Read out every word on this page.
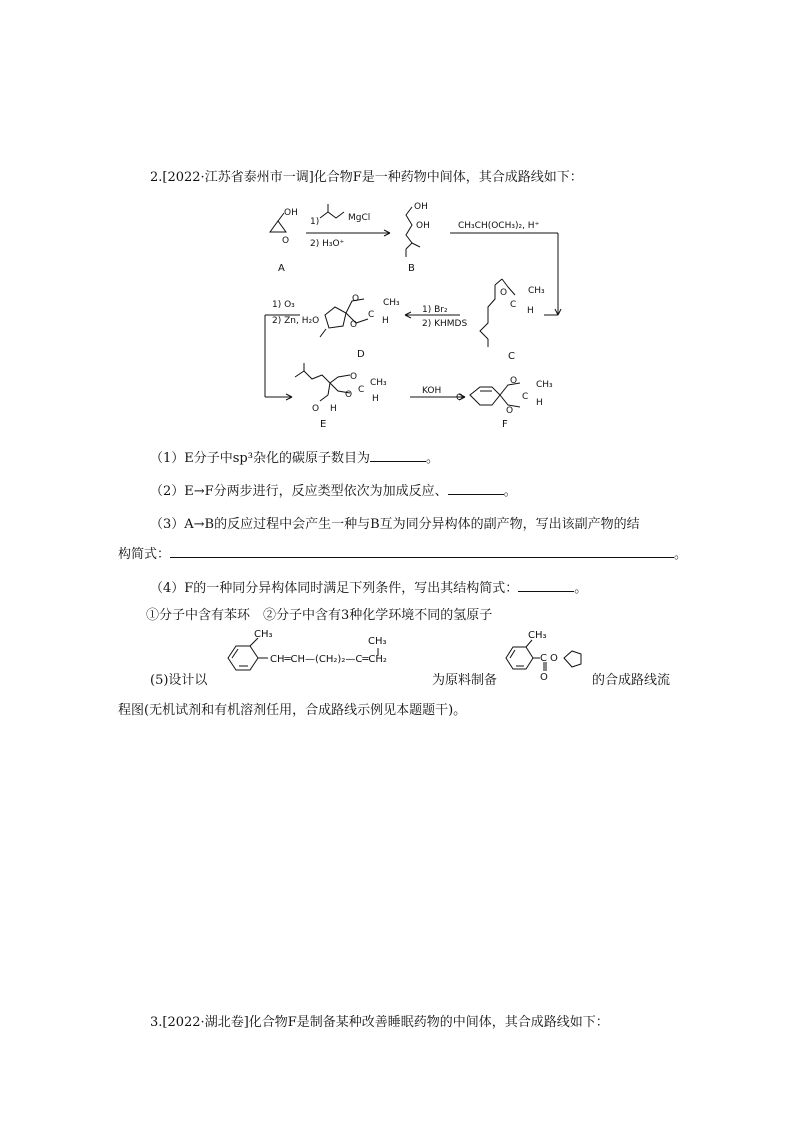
2.[2022·江苏省泰州市一调]化合物F是一种药物中间体，其合成路线如下：
OH
O
1)	MgCl
2) H₃O⁺
OH
OH	CH₃CH(OCH₃)₂, H⁺
O
C
CH₃
H
1) Br₂
2) KHMDS
O
O
C
CH₃
H
1) O₃
2) Zn, H₂O
O
O C
CH₃
H
O H
KOH
O
O
O
C
CH₃
H
A	B
C
D
E	F
（1）E分子中sp³杂化的碳原子数目为	。
（2）E→F分两步进行，反应类型依次为加成反应、	。
（3）A→B的反应过程中会产生一种与B互为同分异构体的副产物，写出该副产物的结
构简式：	。
（4）F的一种同分异构体同时满足下列条件，写出其结构简式：	。
①分子中含有苯环　②分子中含有3种化学环境不同的氢原子
(5)设计以
CH₃
CH═CH—(CH₂)₂—C═CH₂
CH₃
为原料制备
CH₃
C O
O	的合成路线流
程图(无机试剂和有机溶剂任用，合成路线示例见本题题干)。
3.[2022·湖北卷]化合物F是制备某种改善睡眠药物的中间体，其合成路线如下：
